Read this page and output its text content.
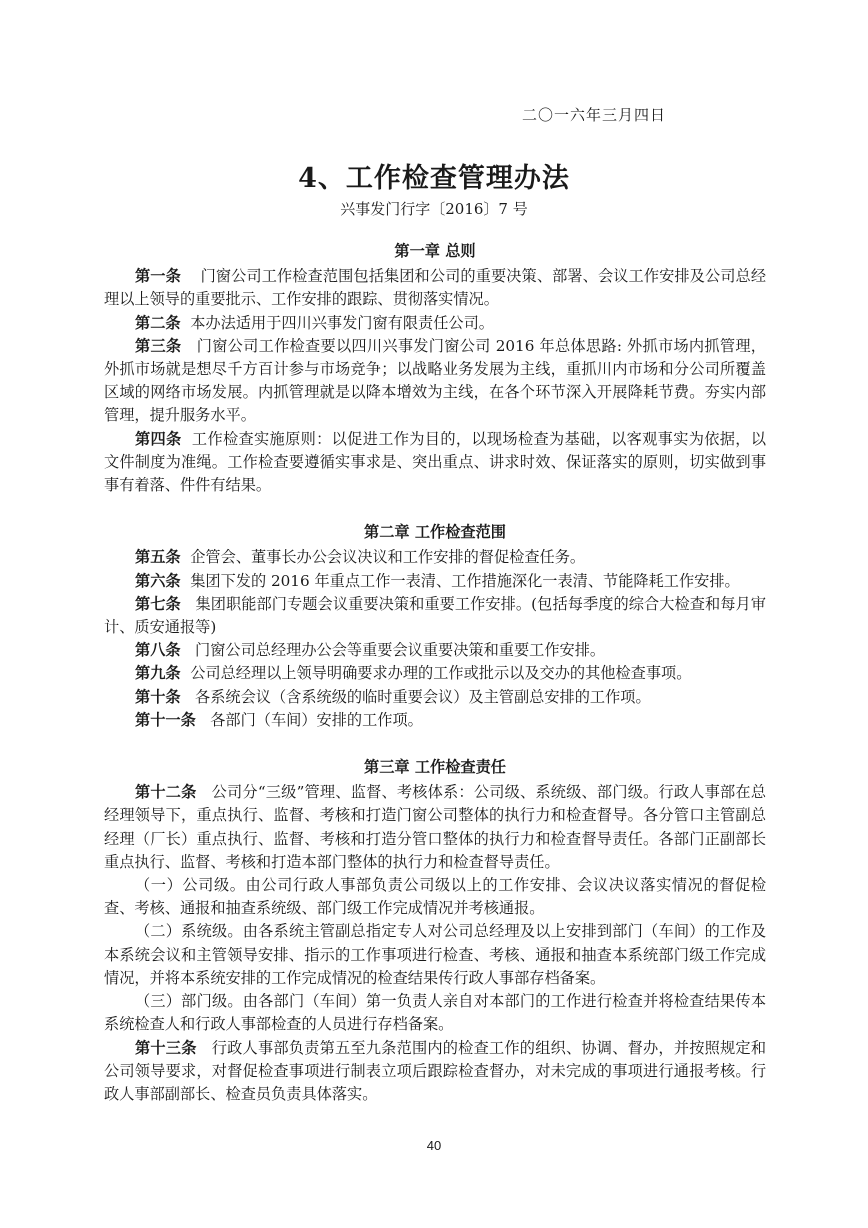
二〇一六年三月四日
4、工作检查管理办法
兴事发门行字〔2016〕7 号
第一章 总则

第一条 门窗公司工作检查范围包括集团和公司的重要决策、部署、会议工作安排及公司总经理以上领导的重要批示、工作安排的跟踪、贯彻落实情况。

第二条 本办法适用于四川兴事发门窗有限责任公司。

第三条 门窗公司工作检查要以四川兴事发门窗公司 2016 年总体思路: 外抓市场内抓管理，外抓市场就是想尽千方百计参与市场竞争；以战略业务发展为主线，重抓川内市场和分公司所覆盖区域的网络市场发展。内抓管理就是以降本增效为主线，在各个环节深入开展降耗节费。夯实内部管理，提升服务水平。

第四条 工作检查实施原则：以促进工作为目的，以现场检查为基础，以客观事实为依据，以文件制度为准绳。工作检查要遵循实事求是、突出重点、讲求时效、保证落实的原则，切实做到事事有着落、件件有结果。

第二章 工作检查范围

第五条 企管会、董事长办公会议决议和工作安排的督促检查任务。

第六条 集团下发的 2016 年重点工作一表清、工作措施深化一表清、节能降耗工作安排。

第七条 集团职能部门专题会议重要决策和重要工作安排。(包括每季度的综合大检查和每月审计、质安通报等)

第八条 门窗公司总经理办公会等重要会议重要决策和重要工作安排。

第九条 公司总经理以上领导明确要求办理的工作或批示以及交办的其他检查事项。

第十条 各系统会议（含系统级的临时重要会议）及主管副总安排的工作项。

第十一条 各部门（车间）安排的工作项。

第三章 工作检查责任

第十二条 公司分“三级”管理、监督、考核体系：公司级、系统级、部门级。行政人事部在总经理领导下，重点执行、监督、考核和打造门窗公司整体的执行力和检查督导。各分管口主管副总经理（厂长）重点执行、监督、考核和打造分管口整体的执行力和检查督导责任。各部门正副部长重点执行、监督、考核和打造本部门整体的执行力和检查督导责任。

（一）公司级。由公司行政人事部负责公司级以上的工作安排、会议决议落实情况的督促检查、考核、通报和抽查系统级、部门级工作完成情况并考核通报。

（二）系统级。由各系统主管副总指定专人对公司总经理及以上安排到部门（车间）的工作及本系统会议和主管领导安排、指示的工作事项进行检查、考核、通报和抽查本系统部门级工作完成情况，并将本系统安排的工作完成情况的检查结果传行政人事部存档备案。

（三）部门级。由各部门（车间）第一负责人亲自对本部门的工作进行检查并将检查结果传本系统检查人和行政人事部检查的人员进行存档备案。

第十三条 行政人事部负责第五至九条范围内的检查工作的组织、协调、督办，并按照规定和公司领导要求，对督促检查事项进行制表立项后跟踪检查督办，对未完成的事项进行通报考核。行政人事部副部长、检查员负责具体落实。

40
